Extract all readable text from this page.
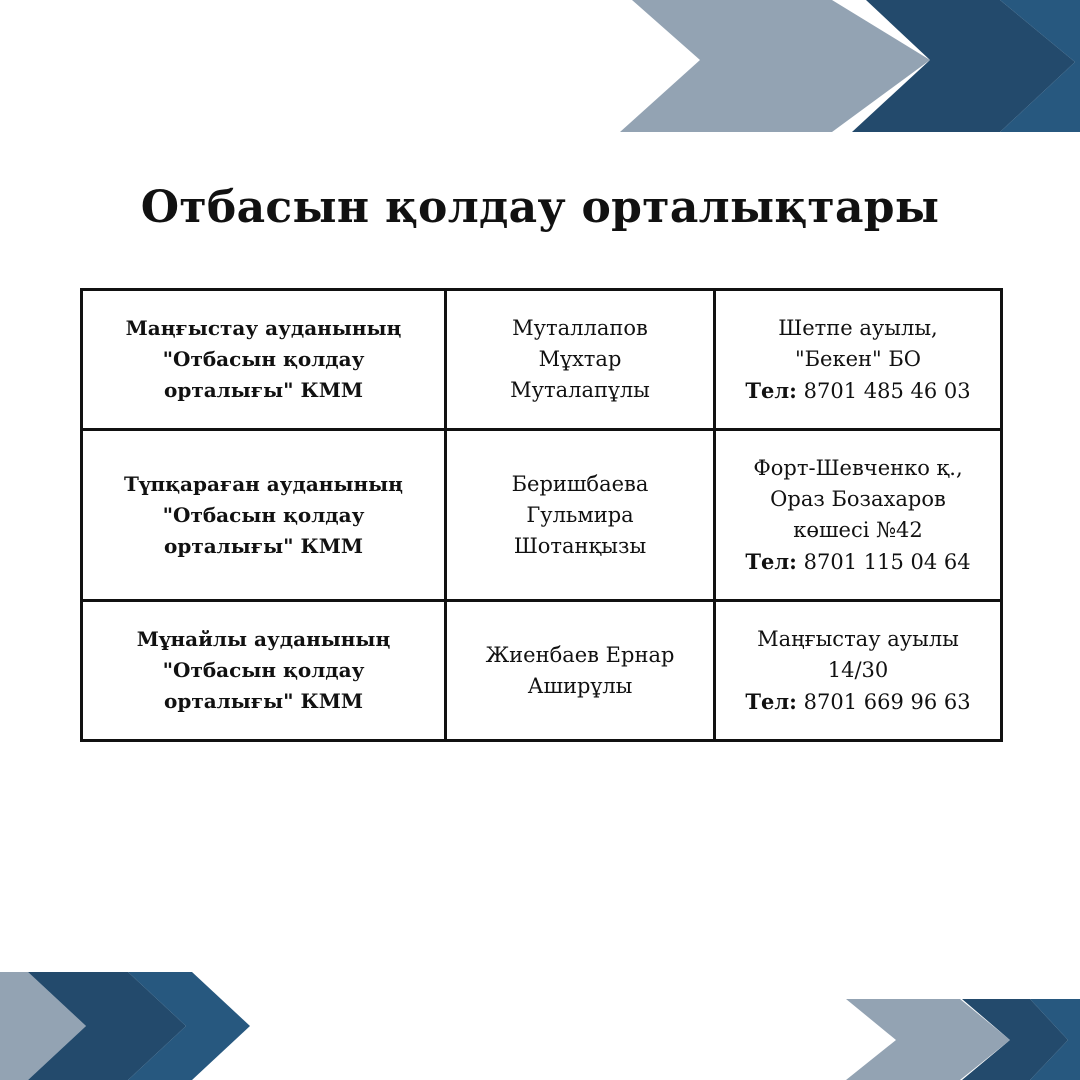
Отбасын қолдау орталықтары
Маңғыстау ауданының
"Отбасын қолдау
орталығы" КММ	Муталлапов
Мұхтар
Муталапұлы	Шетпе ауылы,
"Бекен" БО
Тел: 8701 485 46 03

Түпқараған ауданының
"Отбасын қолдау
орталығы" КММ	Беришбаева
Гульмира
Шотанқызы	Форт-Шевченко қ.,
Ораз Бозахаров
көшесі №42
Тел: 8701 115 04 64

Мұнайлы ауданының
"Отбасын қолдау
орталығы" КММ	Жиенбаев Ернар
Аширұлы	Маңғыстау ауылы
14/30
Тел: 8701 669 96 63
